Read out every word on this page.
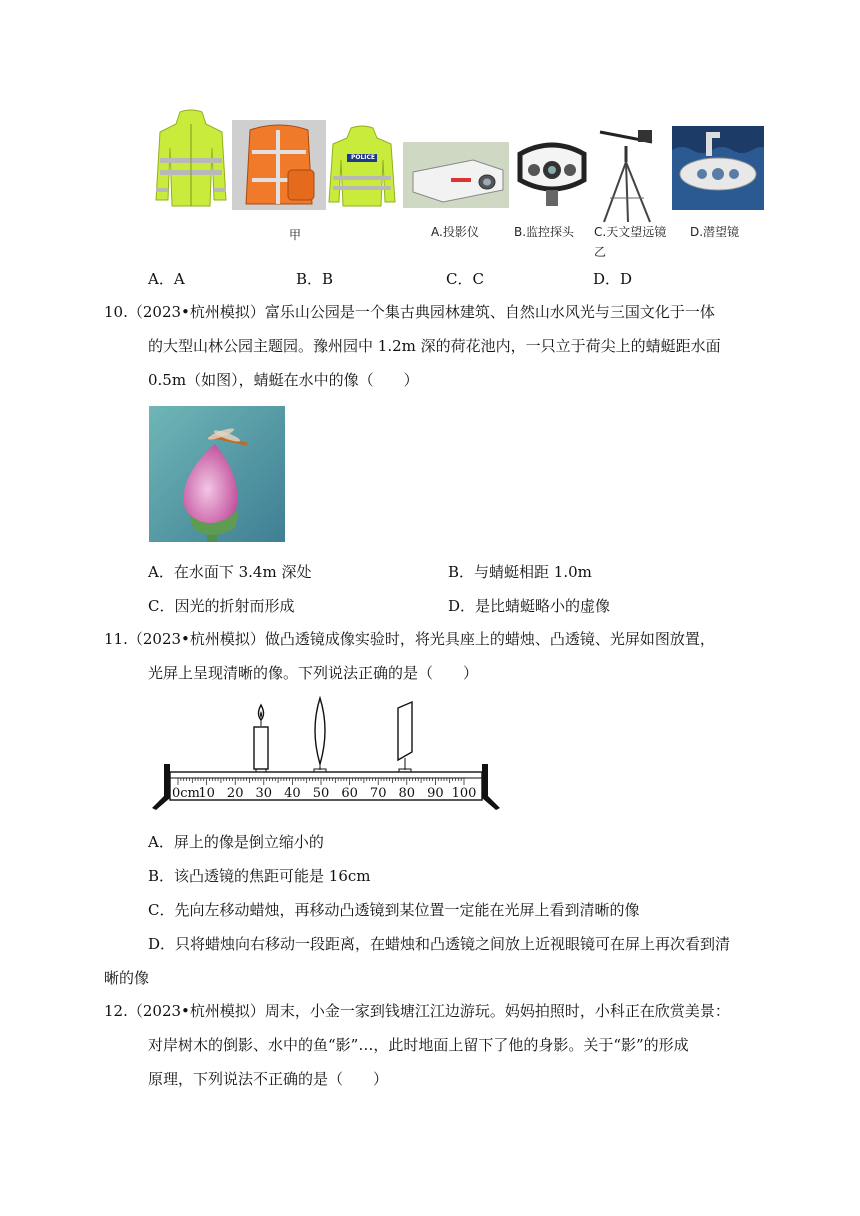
POLICE
甲	A.投影仪	B.监控探头 C.天文望远镜
乙
D.潜望镜
A．A	B．B	C．C	D．D
10.（2023•杭州模拟）富乐山公园是一个集古典园林建筑、自然山水风光与三国文化于一体
的大型山林公园主题园。豫州园中 1.2m 深的荷花池内，一只立于荷尖上的蜻蜓距水面
0.5m（如图），蜻蜓在水中的像（　　）
A．在水面下 3.4m 深处	B．与蜻蜓相距 1.0m
C．因光的折射而形成	D．是比蜻蜓略小的虚像
11.（2023•杭州模拟）做凸透镜成像实验时，将光具座上的蜡烛、凸透镜、光屏如图放置，
光屏上呈现清晰的像。下列说法正确的是（　　）
0cm
10 20 30 40 50 60 70 80 90 100
A．屏上的像是倒立缩小的
B．该凸透镜的焦距可能是 16cm
C．先向左移动蜡烛，再移动凸透镜到某位置一定能在光屏上看到清晰的像
D．只将蜡烛向右移动一段距离，在蜡烛和凸透镜之间放上近视眼镜可在屏上再次看到清
晰的像
12.（2023•杭州模拟）周末，小金一家到钱塘江江边游玩。妈妈拍照时，小科正在欣赏美景：
对岸树木的倒影、水中的鱼“影”…，此时地面上留下了他的身影。关于“影”的形成
原理，下列说法不正确的是（　　）
